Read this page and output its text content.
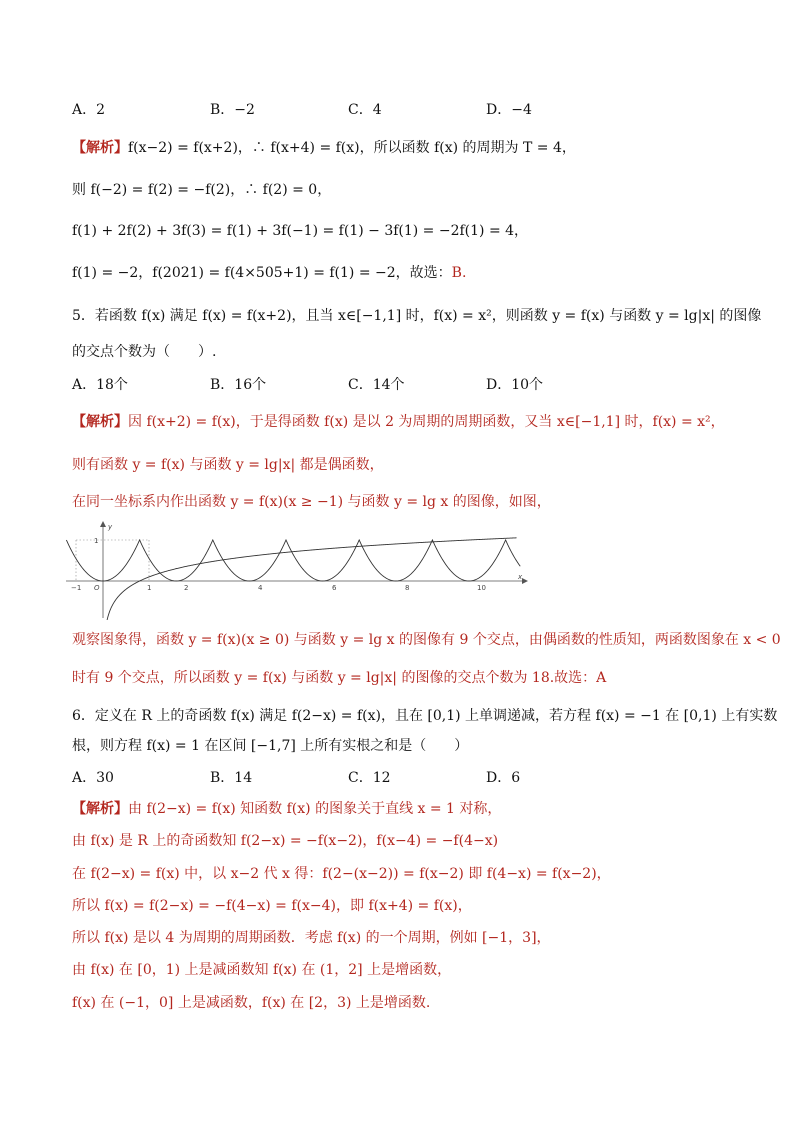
A．2	B．−2	C．4	D．−4
【解析】f(x−2) = f(x+2)，∴ f(x+4) = f(x)，所以函数 f(x) 的周期为 T = 4，
则 f(−2) = f(2) = −f(2)，∴ f(2) = 0，
f(1) + 2f(2) + 3f(3) = f(1) + 3f(−1) = f(1) − 3f(1) = −2f(1) = 4，
f(1) = −2，f(2021) = f(4×505+1) = f(1) = −2，故选：B.
5．若函数 f(x) 满足 f(x) = f(x+2)，且当 x∈[−1,1] 时，f(x) = x²，则函数 y = f(x) 与函数 y = lg|x| 的图像
的交点个数为（　　）.
A．18个	B．16个	C．14个	D．10个
【解析】因 f(x+2) = f(x)，于是得函数 f(x) 是以 2 为周期的周期函数，又当 x∈[−1,1] 时，f(x) = x²，
则有函数 y = f(x) 与函数 y = lg|x| 都是偶函数，
在同一坐标系内作出函数 y = f(x)(x ≥ −1) 与函数 y = lg x 的图像，如图，
y
x
O
1
−1	1	2	4	6	8	10
观察图象得，函数 y = f(x)(x ≥ 0) 与函数 y = lg x 的图像有 9 个交点，由偶函数的性质知，两函数图象在 x < 0
时有 9 个交点，所以函数 y = f(x) 与函数 y = lg|x| 的图像的交点个数为 18.故选：A
6．定义在 R 上的奇函数 f(x) 满足 f(2−x) = f(x)，且在 [0,1) 上单调递减，若方程 f(x) = −1 在 [0,1) 上有实数
根，则方程 f(x) = 1 在区间 [−1,7] 上所有实根之和是（　　）
A．30	B．14	C．12	D．6
【解析】由 f(2−x) = f(x) 知函数 f(x) 的图象关于直线 x = 1 对称，
由 f(x) 是 R 上的奇函数知 f(2−x) = −f(x−2)，f(x−4) = −f(4−x)
在 f(2−x) = f(x) 中，以 x−2 代 x 得：f(2−(x−2)) = f(x−2) 即 f(4−x) = f(x−2)，
所以 f(x) = f(2−x) = −f(4−x) = f(x−4)，即 f(x+4) = f(x)，
所以 f(x) 是以 4 为周期的周期函数．考虑 f(x) 的一个周期，例如 [−1，3]，
由 f(x) 在 [0，1) 上是减函数知 f(x) 在 (1，2] 上是增函数，
f(x) 在 (−1，0] 上是减函数，f(x) 在 [2，3) 上是增函数.
